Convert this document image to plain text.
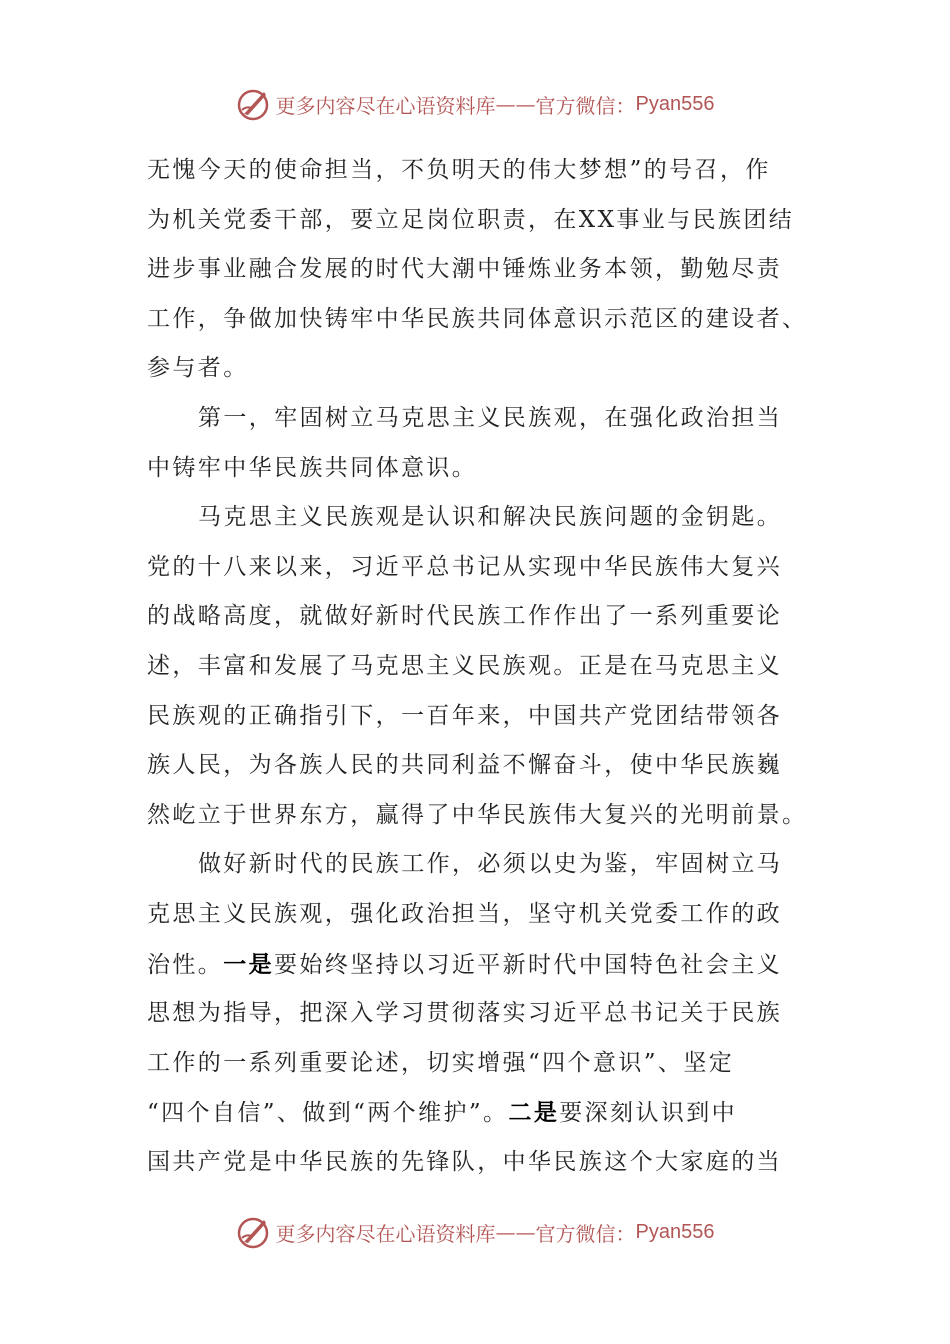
更多内容尽在心语资料库 —— 官方微信： Pyan556
无愧今天的使命担当，不负明天的伟大梦想”的号召，作
为机关党委干部，要立足岗位职责，在XX事业与民族团结
进步事业融合发展的时代大潮中锤炼业务本领，勤勉尽责
工作，争做加快铸牢中华民族共同体意识示范区的建设者、
参与者。
第一，牢固树立马克思主义民族观，在强化政治担当
中铸牢中华民族共同体意识。
马克思主义民族观是认识和解决民族问题的金钥匙。
党的十八来以来，习近平总书记从实现中华民族伟大复兴
的战略高度，就做好新时代民族工作作出了一系列重要论
述，丰富和发展了马克思主义民族观。正是在马克思主义
民族观的正确指引下，一百年来，中国共产党团结带领各
族人民，为各族人民的共同利益不懈奋斗，使中华民族巍
然屹立于世界东方，赢得了中华民族伟大复兴的光明前景。
做好新时代的民族工作，必须以史为鉴，牢固树立马
克思主义民族观，强化政治担当，坚守机关党委工作的政
治性。一是要始终坚持以习近平新时代中国特色社会主义
思想为指导，把深入学习贯彻落实习近平总书记关于民族
工作的一系列重要论述，切实增强“四个意识”、坚定
“四个自信”、做到“两个维护”。二是要深刻认识到中
国共产党是中华民族的先锋队，中华民族这个大家庭的当
更多内容尽在心语资料库 —— 官方微信： Pyan556
